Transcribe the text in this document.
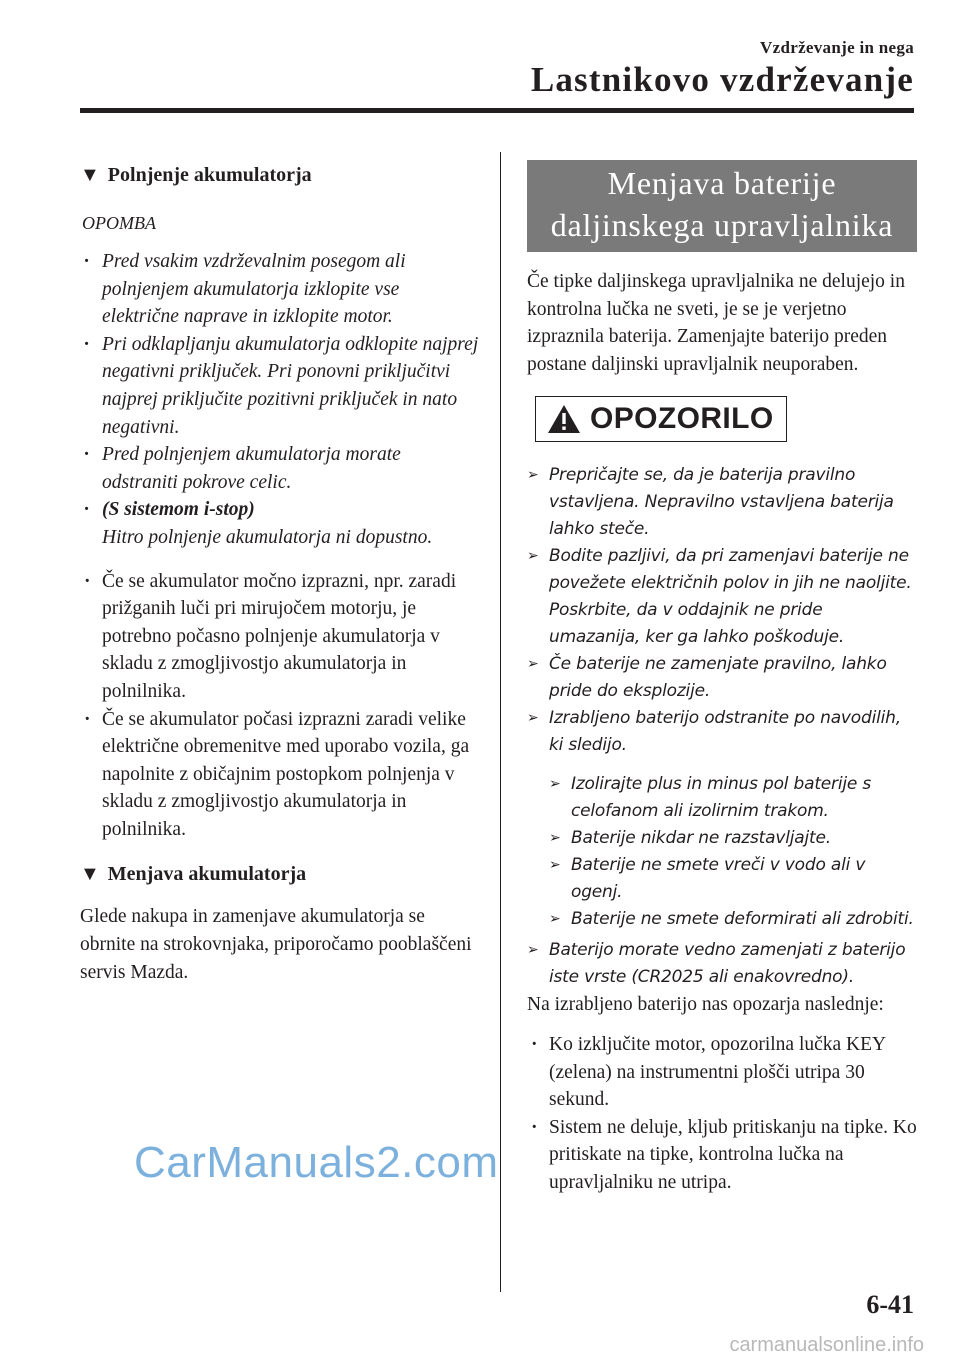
Vzdrževanje in nega
Lastnikovo vzdrževanje
▼ Polnjenje akumulatorja
OPOMBA
· Pred vsakim vzdrževalnim posegom ali polnjenjem akumulatorja izklopite vse električne naprave in izklopite motor.
· Pri odklapljanju akumulatorja odklopite najprej negativni priključek. Pri ponovni priključitvi najprej priključite pozitivni priključek in nato negativni.
· Pred polnjenjem akumulatorja morate odstraniti pokrove celic.
· (S sistemom i-stop)
Hitro polnjenje akumulatorja ni dopustno.
· Če se akumulator močno izprazni, npr. zaradi prižganih luči pri mirujočem motorju, je potrebno počasno polnjenje akumulatorja v skladu z zmogljivostjo akumulatorja in polnilnika.
· Če se akumulator počasi izprazni zaradi velike električne obremenitve med uporabo vozila, ga napolnite z običajnim postopkom polnjenja v skladu z zmogljivostjo akumulatorja in polnilnika.
▼ Menjava akumulatorja

Glede nakupa in zamenjave akumulatorja se obrnite na strokovnjaka, priporočamo pooblaščeni servis Mazda.

Menjava baterije
daljinskega upravljalnika

Če tipke daljinskega upravljalnika ne delujejo in kontrolna lučka ne sveti, je se je verjetno izpraznila baterija. Zamenjajte baterijo preden postane daljinski upravljalnik neuporaben.

OPOZORILO
➢ Prepričajte se, da je baterija pravilno vstavljena. Nepravilno vstavljena baterija lahko steče.
➢ Bodite pazljivi, da pri zamenjavi baterije ne povežete električnih polov in jih ne naoljite. Poskrbite, da v oddajnik ne pride umazanija, ker ga lahko poškoduje.
➢ Če baterije ne zamenjate pravilno, lahko pride do eksplozije.
➢ Izrabljeno baterijo odstranite po navodilih, ki sledijo.
➢ Izolirajte plus in minus pol baterije s celofanom ali izolirnim trakom.
➢ Baterije nikdar ne razstavljajte.
➢ Baterije ne smete vreči v vodo ali v ogenj.
➢ Baterije ne smete deformirati ali zdrobiti.
➢ Baterijo morate vedno zamenjati z baterijo iste vrste (CR2025 ali enakovredno).

Na izrabljeno baterijo nas opozarja naslednje:

· Ko izključite motor, opozorilna lučka KEY (zelena) na instrumentni plošči utripa 30 sekund.
· Sistem ne deluje, kljub pritiskanju na tipke. Ko pritiskate na tipke, kontrolna lučka na upravljalniku ne utripa.
CarManuals2.com
6-41
carmanualsonline.info
